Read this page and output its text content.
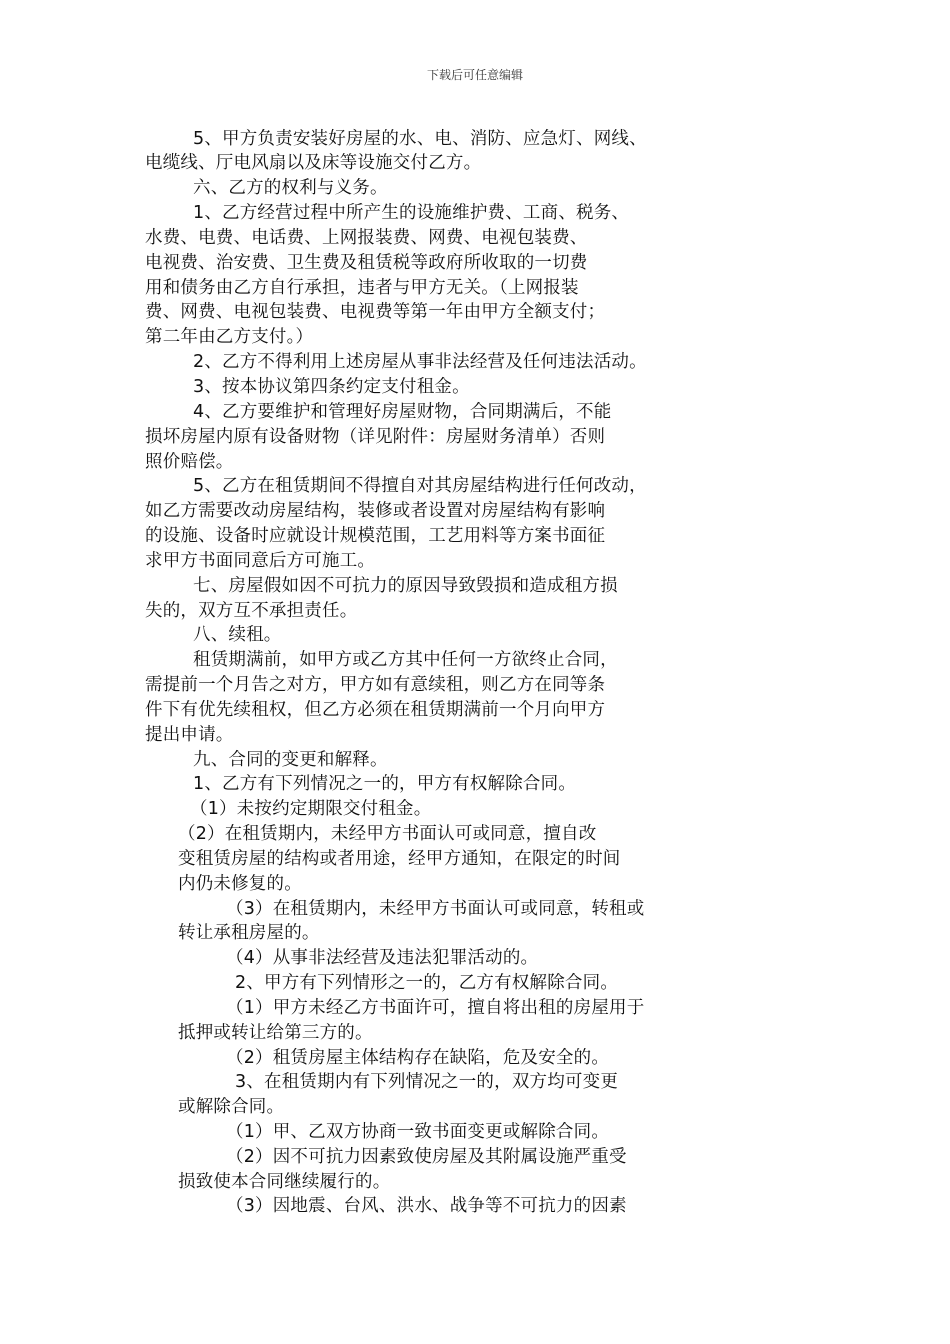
下载后可任意编辑
5、甲方负责安装好房屋的水、电、消防、应急灯、网线、
电缆线、厅电风扇以及床等设施交付乙方。
六、乙方的权利与义务。
1、乙方经营过程中所产生的设施维护费、工商、税务、
水费、电费、电话费、上网报装费、网费、电视包装费、
电视费、治安费、卫生费及租赁税等政府所收取的一切费
用和债务由乙方自行承担，违者与甲方无关。（上网报装
费、网费、电视包装费、电视费等第一年由甲方全额支付；
第二年由乙方支付。）
2、乙方不得利用上述房屋从事非法经营及任何违法活动。
3、按本协议第四条约定支付租金。
4、乙方要维护和管理好房屋财物，合同期满后，不能
损坏房屋内原有设备财物（详见附件：房屋财务清单）否则
照价赔偿。
5、乙方在租赁期间不得擅自对其房屋结构进行任何改动，
如乙方需要改动房屋结构，装修或者设置对房屋结构有影响
的设施、设备时应就设计规模范围，工艺用料等方案书面征
求甲方书面同意后方可施工。
七、房屋假如因不可抗力的原因导致毁损和造成租方损
失的，双方互不承担责任。
八、续租。
租赁期满前，如甲方或乙方其中任何一方欲终止合同，
需提前一个月告之对方，甲方如有意续租，则乙方在同等条
件下有优先续租权，但乙方必须在租赁期满前一个月向甲方
提出申请。
九、合同的变更和解释。
1、乙方有下列情况之一的，甲方有权解除合同。
（1）未按约定期限交付租金。
（2）在租赁期内，未经甲方书面认可或同意，擅自改
变租赁房屋的结构或者用途，经甲方通知，在限定的时间
内仍未修复的。
（3）在租赁期内，未经甲方书面认可或同意，转租或
转让承租房屋的。
（4）从事非法经营及违法犯罪活动的。
2、甲方有下列情形之一的，乙方有权解除合同。
（1）甲方未经乙方书面许可，擅自将出租的房屋用于
抵押或转让给第三方的。
（2）租赁房屋主体结构存在缺陷，危及安全的。
3、在租赁期内有下列情况之一的，双方均可变更
或解除合同。
（1）甲、乙双方协商一致书面变更或解除合同。
（2）因不可抗力因素致使房屋及其附属设施严重受
损致使本合同继续履行的。
（3）因地震、台风、洪水、战争等不可抗力的因素
